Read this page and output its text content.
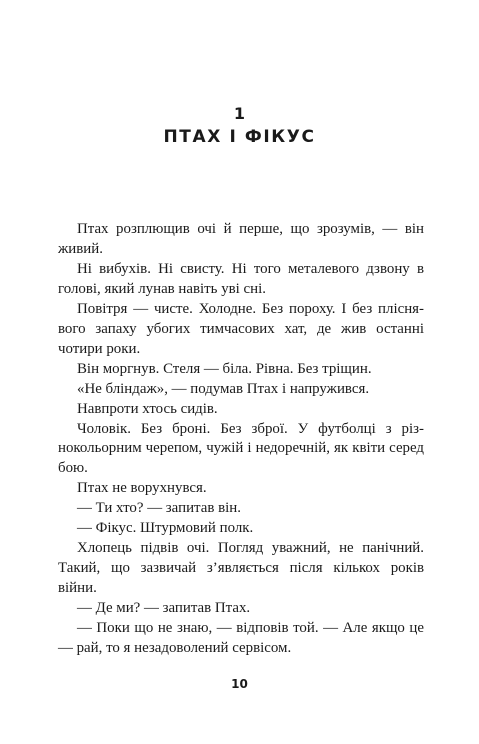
1
ПТАХ І ФІКУС

Птах розплющив очі й перше, що зрозумів, — він живий.

Ні вибухів. Ні свисту. Ні того металевого дзвону в голові, який лунав навіть уві сні.

Повітря — чисте. Холодне. Без пороху. І без пліснявого запаху убогих тимчасових хат, де жив останні чотири роки.

Він моргнув. Стеля — біла. Рівна. Без тріщин.

«Не бліндаж», — подумав Птах і напружився.

Навпроти хтось сидів.

Чоловік. Без броні. Без зброї. У футболці з різнокольорним черепом, чужій і недоречній, як квіти серед бою.

Птах не ворухнувся.

— Ти хто? — запитав він.

— Фікус. Штурмовий полк.

Хлопець підвів очі. Погляд уважний, не панічний. Такий, що зазвичай з’являється після кількох років війни.

— Де ми? — запитав Птах.

— Поки що не знаю, — відповів той. — Але якщо це — рай, то я незадоволений сервісом.

10
